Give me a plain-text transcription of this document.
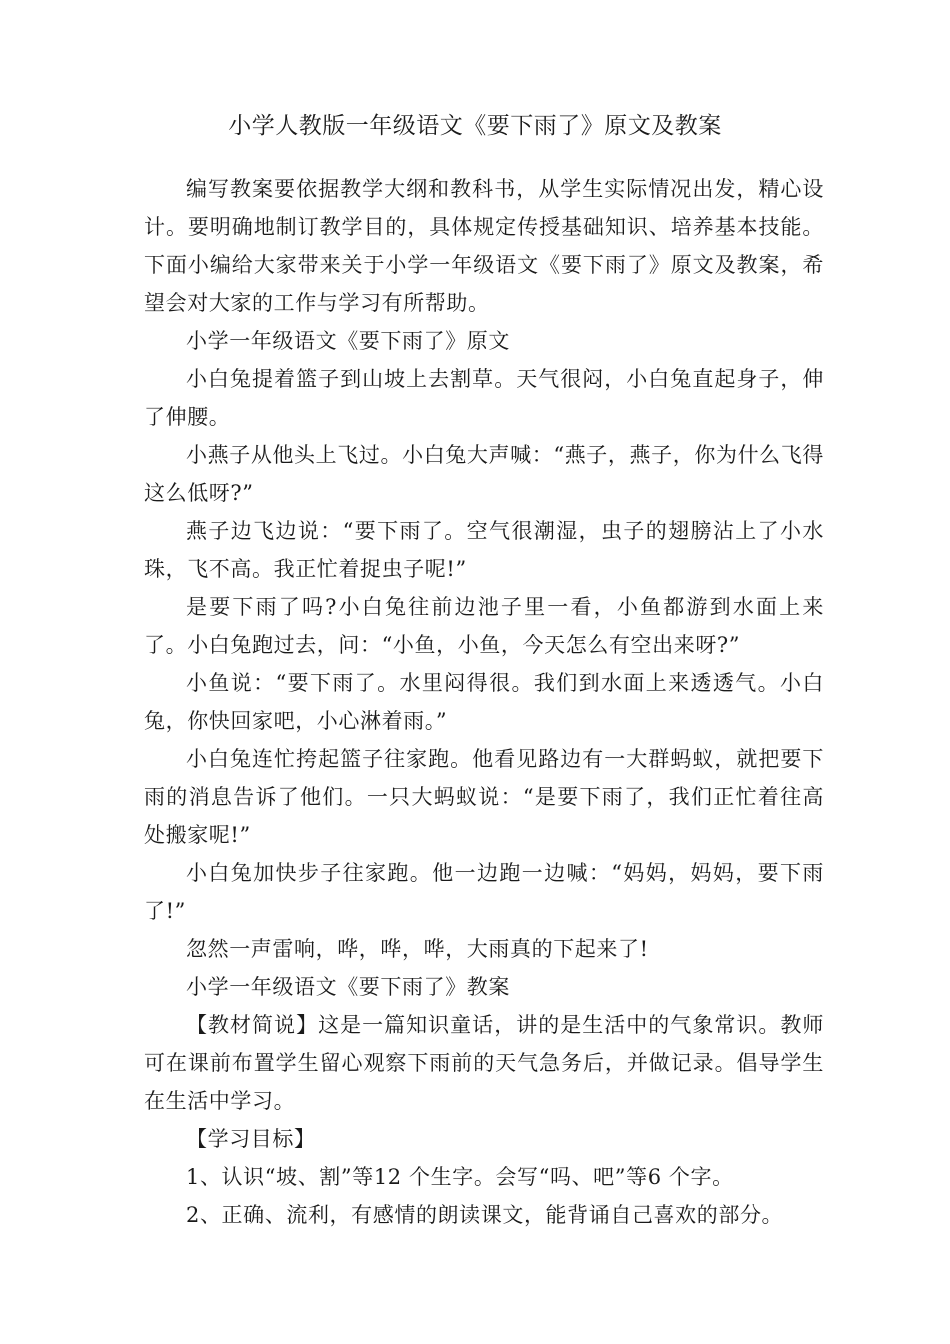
小学人教版一年级语文《要下雨了》原文及教案

编写教案要依据教学大纲和教科书，从学生实际情况出发，精心设计。要明确地制订教学目的，具体规定传授基础知识、培养基本技能。下面小编给大家带来关于小学一年级语文《要下雨了》原文及教案，希望会对大家的工作与学习有所帮助。

小学一年级语文《要下雨了》原文

小白兔提着篮子到山坡上去割草。天气很闷，小白兔直起身子，伸了伸腰。

小燕子从他头上飞过。小白兔大声喊：“燕子，燕子，你为什么飞得这么低呀?”

燕子边飞边说：“要下雨了。空气很潮湿，虫子的翅膀沾上了小水珠，飞不高。我正忙着捉虫子呢!”

是要下雨了吗?小白兔往前边池子里一看，小鱼都游到水面上来了。小白兔跑过去，问：“小鱼，小鱼，今天怎么有空出来呀?”

小鱼说：“要下雨了。水里闷得很。我们到水面上来透透气。小白兔，你快回家吧，小心淋着雨。”

小白兔连忙挎起篮子往家跑。他看见路边有一大群蚂蚁，就把要下雨的消息告诉了他们。一只大蚂蚁说：“是要下雨了，我们正忙着往高处搬家呢!”

小白兔加快步子往家跑。他一边跑一边喊：“妈妈，妈妈，要下雨了!”

忽然一声雷响，哗，哗，哗，大雨真的下起来了!

小学一年级语文《要下雨了》教案

【教材简说】这是一篇知识童话，讲的是生活中的气象常识。教师可在课前布置学生留心观察下雨前的天气急务后，并做记录。倡导学生在生活中学习。

【学习目标】

1、认识“坡、割”等12 个生字。会写“吗、吧”等6 个字。

2、正确、流利，有感情的朗读课文，能背诵自己喜欢的部分。
